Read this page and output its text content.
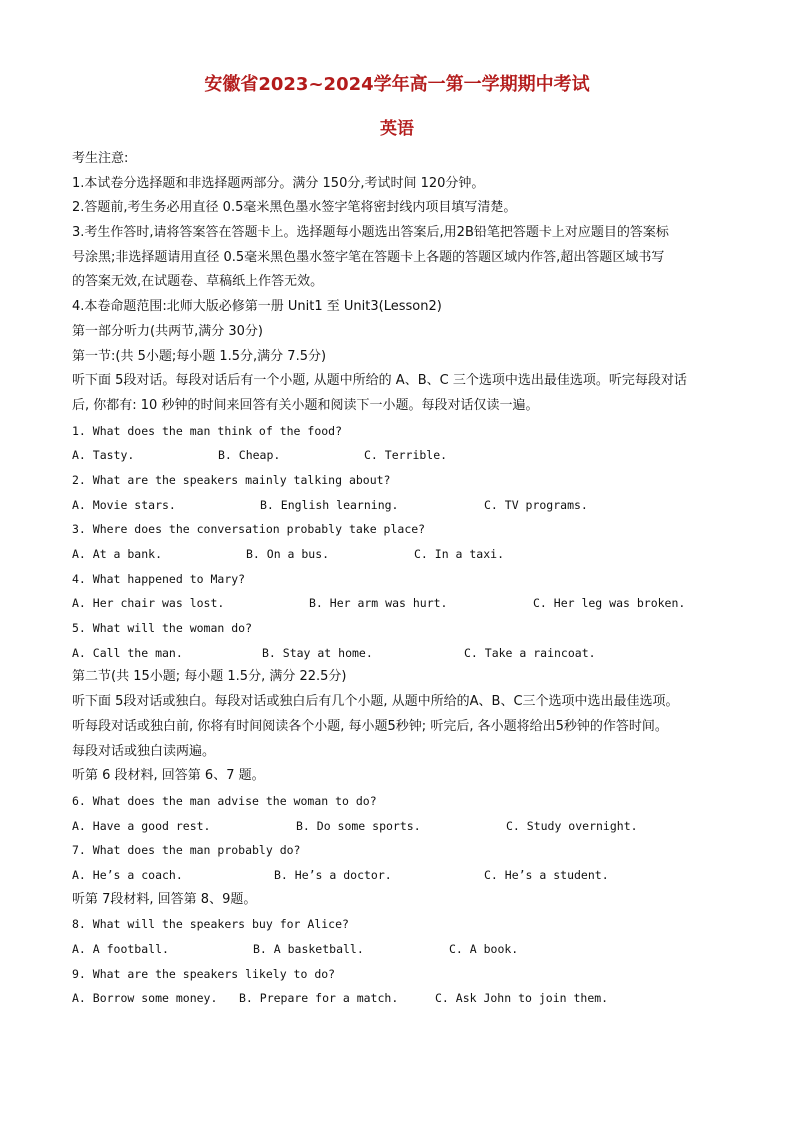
安徽省2023~2024学年高一第一学期期中考试
英语
考生注意:
1.本试卷分选择题和非选择题两部分。满分 150分,考试时间 120分钟。
2.答题前,考生务必用直径 0.5毫米黑色墨水签字笔将密封线内项目填写清楚。
3.考生作答时,请将答案答在答题卡上。选择题每小题选出答案后,用2B铅笔把答题卡上对应题目的答案标
号涂黑;非选择题请用直径 0.5毫米黑色墨水签字笔在答题卡上各题的答题区域内作答,超出答题区域书写
的答案无效,在试题卷、草稿纸上作答无效。
4.本卷命题范围:北师大版必修第一册 Unit1 至 Unit3(Lesson2)
第一部分听力(共两节,满分 30分)
第一节:(共 5小题;每小题 1.5分,满分 7.5分)
听下面 5段对话。每段对话后有一个小题, 从题中所给的 A、B、C 三个选项中选出最佳选项。听完每段对话
后, 你都有: 10 秒钟的时间来回答有关小题和阅读下一小题。每段对话仅读一遍。
1. What does the man think of the food?
A. Tasty.	B. Cheap.	C. Terrible.
2. What are the speakers mainly talking about?
A. Movie stars.	B. English learning.	C. TV programs.
3. Where does the conversation probably take place?
A. At a bank.	B. On a bus.	C. In a taxi.
4. What happened to Mary?
A. Her chair was lost.	B. Her arm was hurt.	C. Her leg was broken.
5. What will the woman do?
A. Call the man.	B. Stay at home.	C. Take a raincoat.
第二节(共 15小题; 每小题 1.5分, 满分 22.5分)
听下面 5段对话或独白。每段对话或独白后有几个小题, 从题中所给的A、B、C三个选项中选出最佳选项。
听每段对话或独白前, 你将有时间阅读各个小题, 每小题5秒钟; 听完后, 各小题将给出5秒钟的作答时间。
每段对话或独白读两遍。
听第 6 段材料, 回答第 6、7 题。
6. What does the man advise the woman to do?
A. Have a good rest.	B. Do some sports.	C. Study overnight.
7. What does the man probably do?
A. He’s a coach.	B. He’s a doctor.	C. He’s a student.
听第 7段材料, 回答第 8、9题。
8. What will the speakers buy for Alice?
A. A football.	B. A basketball.	C. A book.
9. What are the speakers likely to do?
A. Borrow some money.	B. Prepare for a match.	C. Ask John to join them.
